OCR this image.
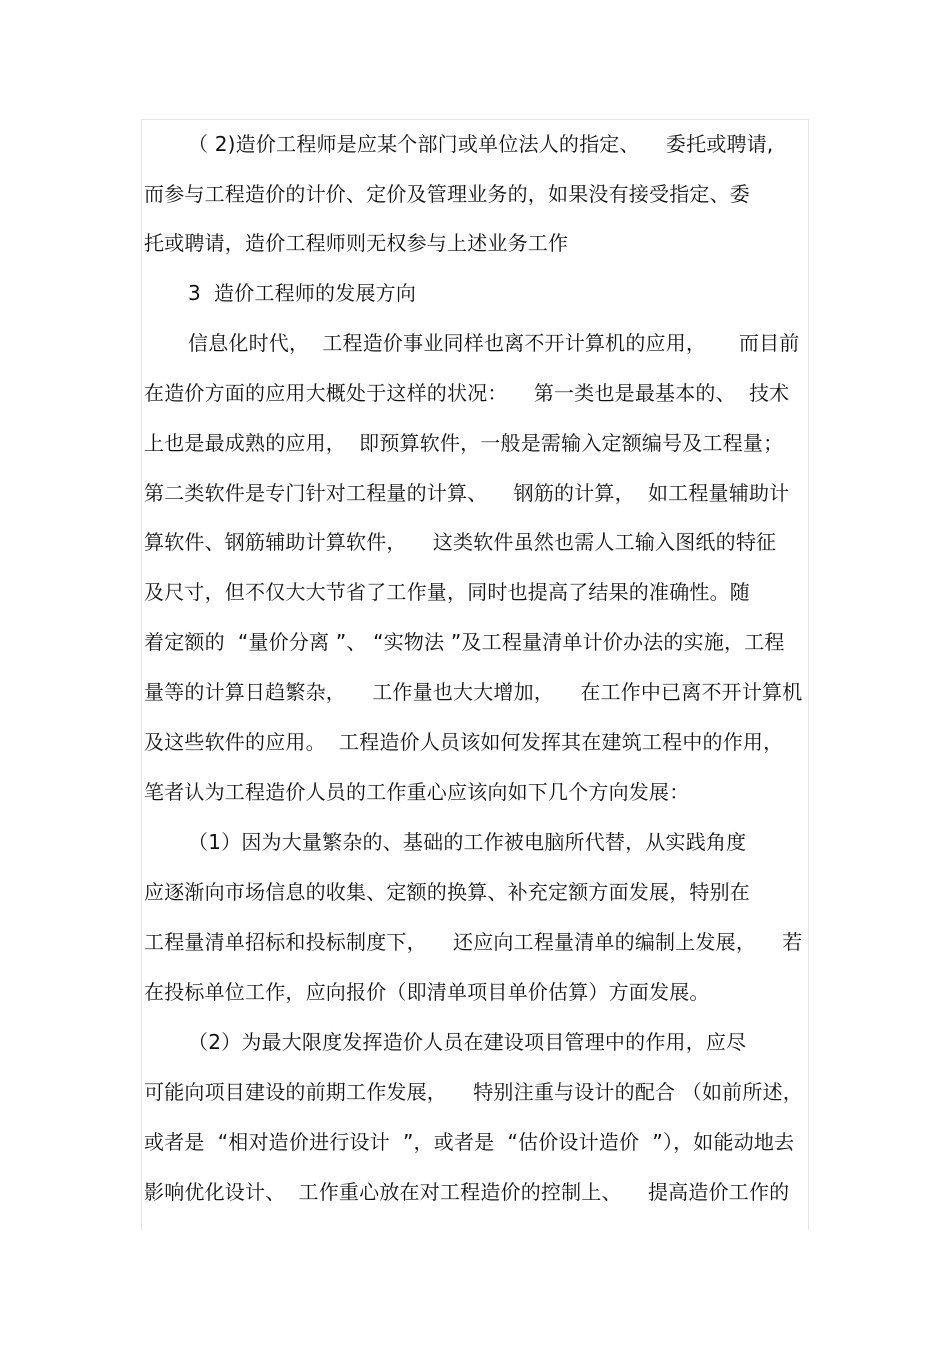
（ 2)造价工程师是应某个部门或单位法人的指定、    委托或聘请,
而参与工程造价的计价、定价及管理业务的，如果没有接受指定、委
托或聘请，造价工程师则无权参与上述业务工作
3  造价工程师的发展方向
信息化时代，  工程造价事业同样也离不开计算机的应用，     而目前
在造价方面的应用大概处于这样的状况：    第一类也是最基本的、  技术
上也是最成熟的应用，  即预算软件，一般是需输入定额编号及工程量；
第二类软件是专门针对工程量的计算、    钢筋的计算，  如工程量辅助计
算软件、钢筋辅助计算软件，    这类软件虽然也需人工输入图纸的特征
及尺寸，但不仅大大节省了工作量，同时也提高了结果的准确性。随
着定额的  “量价分离 ”、 “实物法 ”及工程量清单计价办法的实施，工程
量等的计算日趋繁杂，    工作量也大大增加，    在工作中已离不开计算机
及这些软件的应用。  工程造价人员该如何发挥其在建筑工程中的作用，
笔者认为工程造价人员的工作重心应该向如下几个方向发展：
（1）因为大量繁杂的、基础的工作被电脑所代替，从实践角度
应逐渐向市场信息的收集、定额的换算、补充定额方面发展，特别在
工程量清单招标和投标制度下，    还应向工程量清单的编制上发展，    若
在投标单位工作，应向报价（即清单项目单价估算）方面发展。
（2）为最大限度发挥造价人员在建设项目管理中的作用，应尽
可能向项目建设的前期工作发展，    特别注重与设计的配合 （如前所述，
或者是  “相对造价进行设计  ”，或者是  “估价设计造价  ”），如能动地去
影响优化设计、  工作重心放在对工程造价的控制上、    提高造价工作的
